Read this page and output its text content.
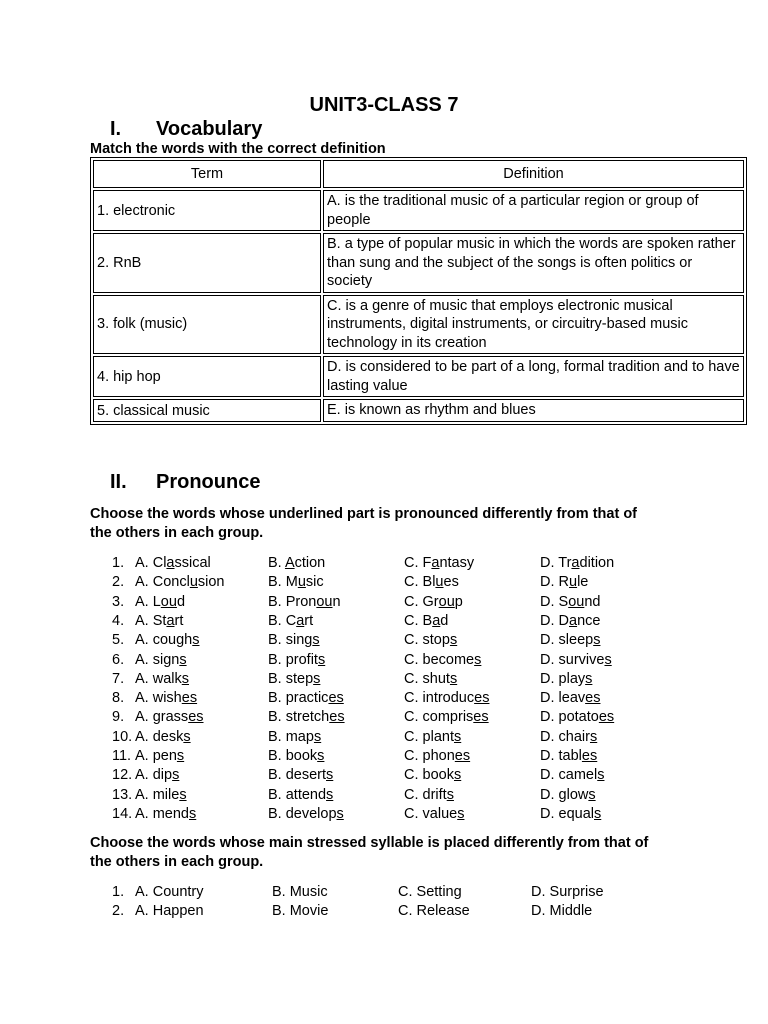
UNIT3-CLASS 7
I. Vocabulary
Match the words with the correct definition
Term	Definition
1. electronic	A. is the traditional music of a particular region or group of people
2. RnB	B. a type of popular music in which the words are spoken rather than sung and the subject of the songs is often politics or society
3. folk (music)	C. is a genre of music that employs electronic musical instruments, digital instruments, or circuitry-based music technology in its creation
4. hip hop	D. is considered to be part of a long, formal tradition and to have lasting value
5. classical music	E. is known as rhythm and blues
II. Pronounce
Choose the words whose underlined part is pronounced differently from that of
the others in each group.
1. A. Classical	B. Action	C. Fantasy	D. Tradition
2. A. Conclusion	B. Music	C. Blues	D. Rule
3. A. Loud	B. Pronoun	C. Group	D. Sound
4. A. Start	B. Cart	C. Bad	D. Dance
5. A. coughs	B. sings	C. stops	D. sleeps
6. A. signs	B. profits	C. becomes	D. survives
7. A. walks	B. steps	C. shuts	D. plays
8. A. wishes	B. practices	C. introduces	D. leaves
9. A. grasses	B. stretches	C. comprises	D. potatoes
10. A. desks	B. maps	C. plants	D. chairs
11. A. pens	B. books	C. phones	D. tables
12. A. dips	B. deserts	C. books	D. camels
13. A. miles	B. attends	C. drifts	D. glows
14. A. mends	B. develops	C. values	D. equals
Choose the words whose main stressed syllable is placed differently from that of
the others in each group.
1. A. Country	B. Music	C. Setting	D. Surprise
2. A. Happen	B. Movie	C. Release	D. Middle
